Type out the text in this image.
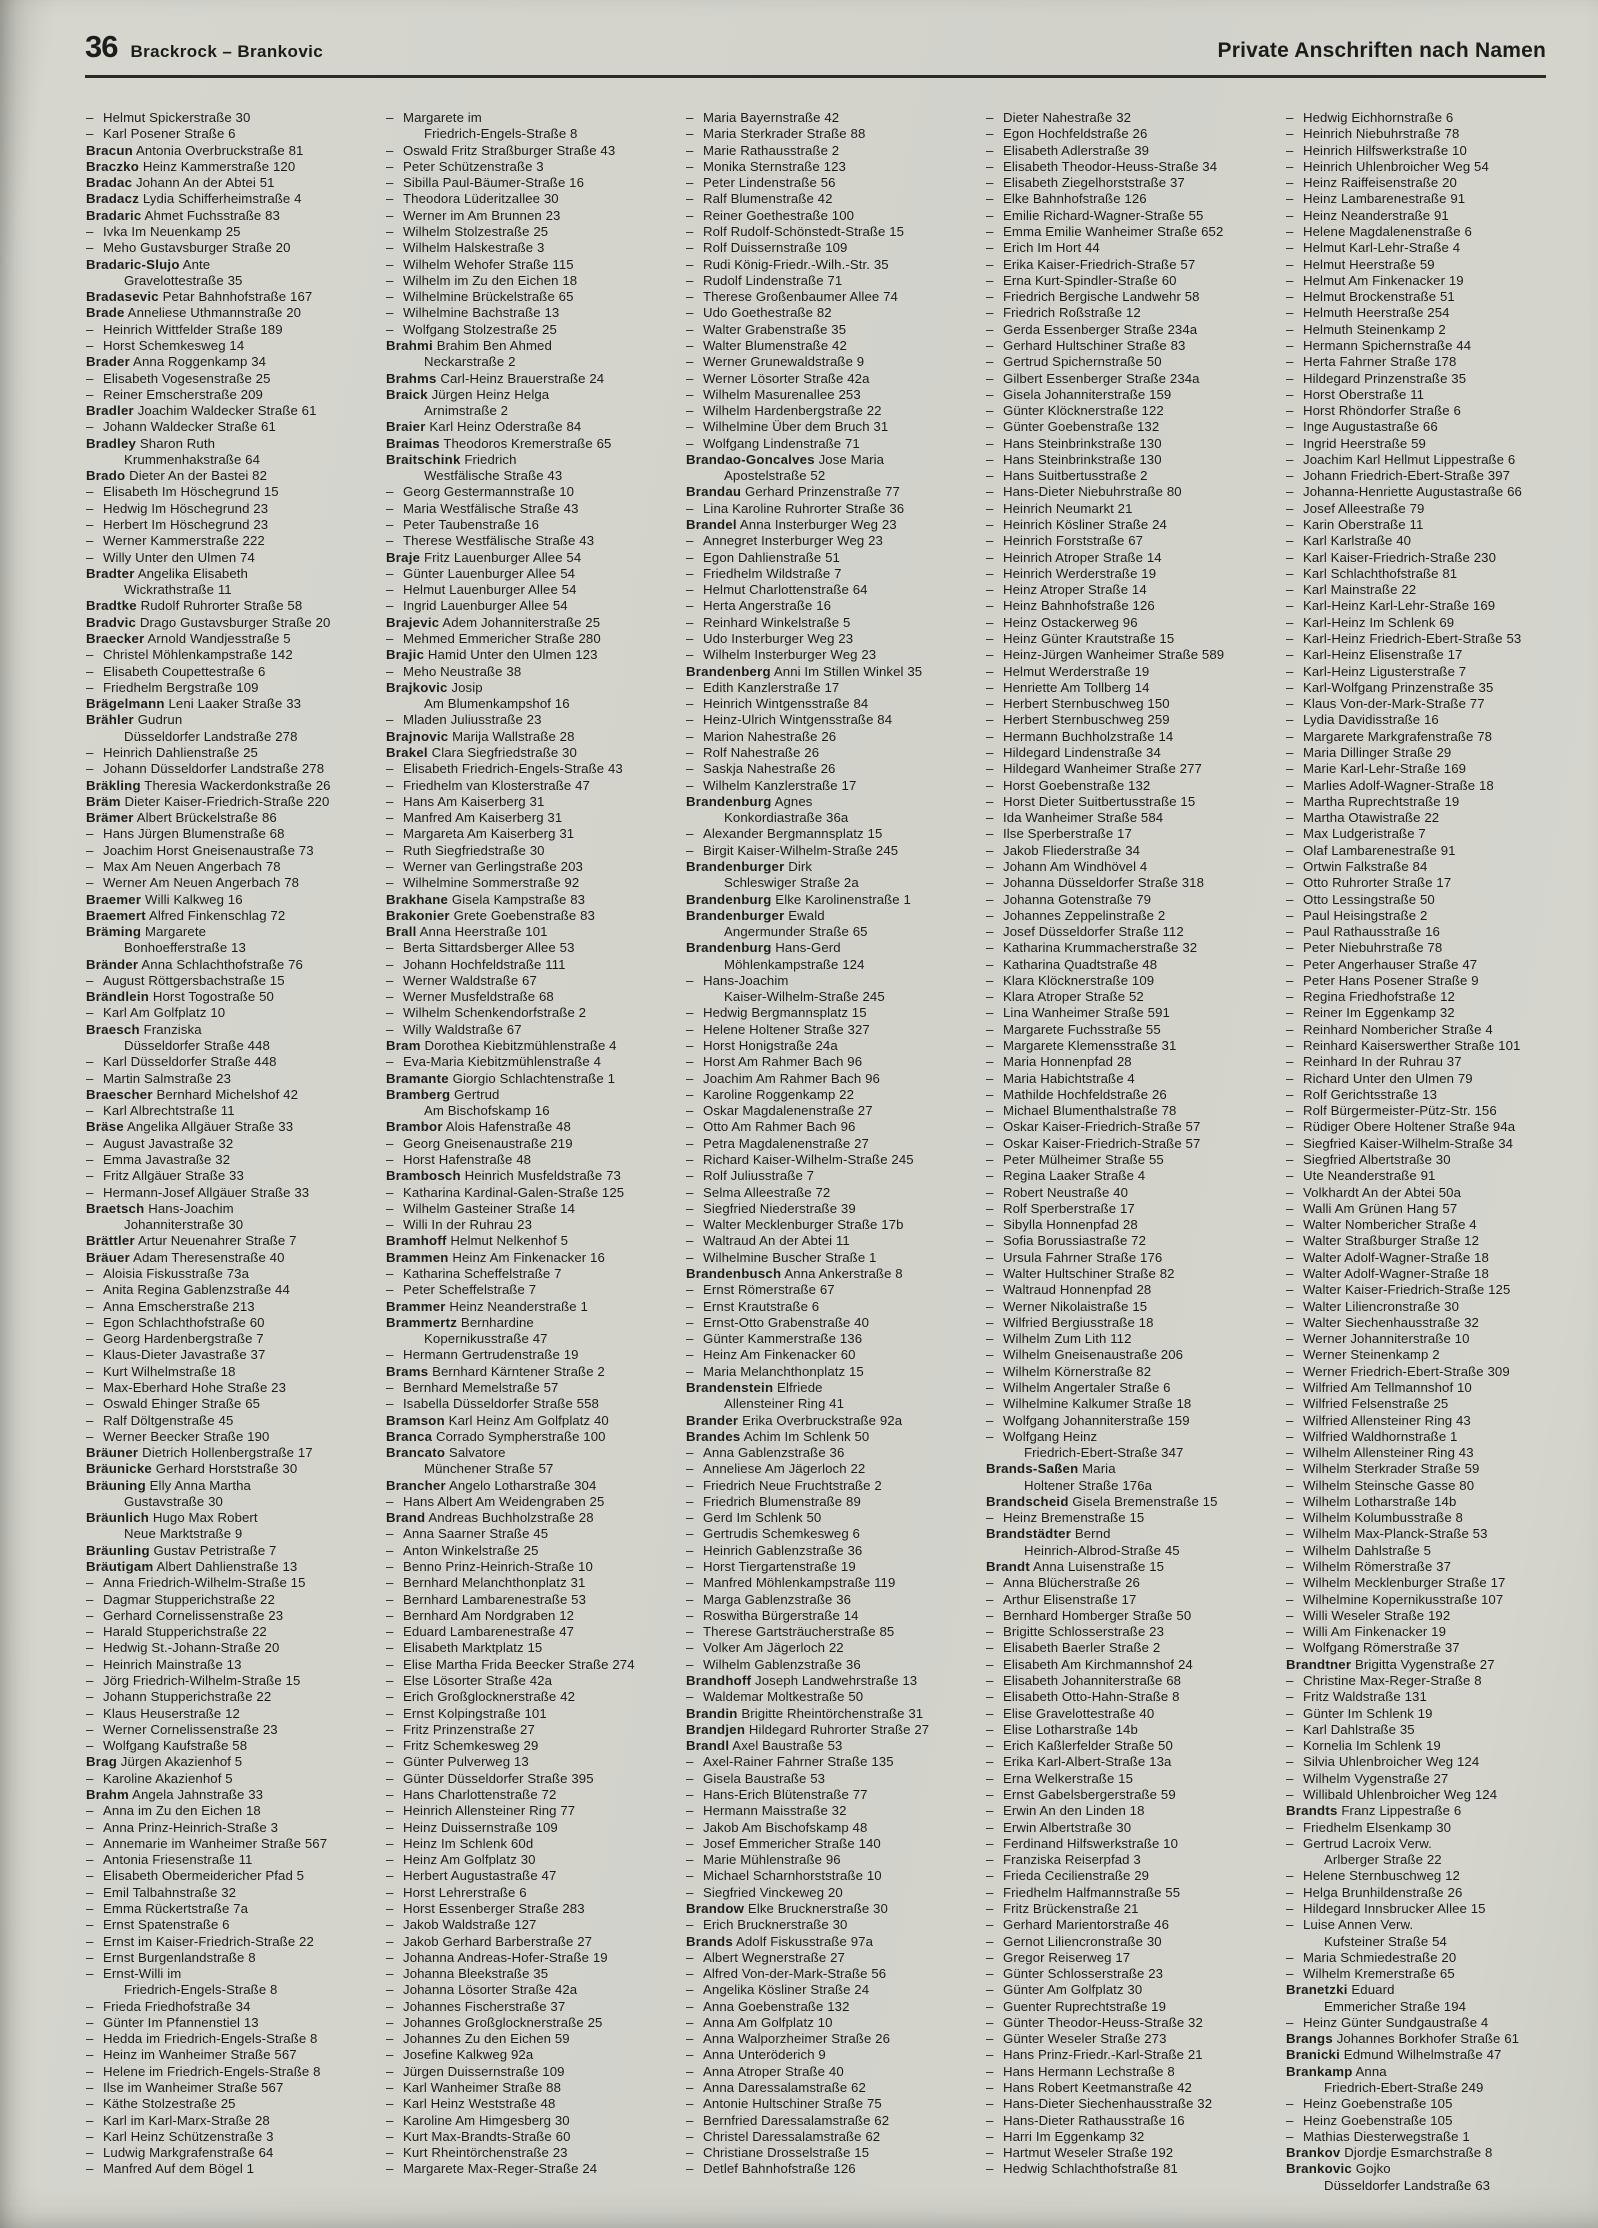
36 Brackrock – Brankovic	Private Anschriften nach Namen
– Helmut Spickerstraße 30
– Karl Posener Straße 6
Bracun Antonia Overbruckstraße 81
Braczko Heinz Kammerstraße 120
Bradac Johann An der Abtei 51
Bradacz Lydia Schifferheimstraße 4
Bradaric Ahmet Fuchsstraße 83
– Ivka Im Neuenkamp 25
– Meho Gustavsburger Straße 20
Bradaric-Slujo Ante
Gravelottestraße 35
Bradasevic Petar Bahnhofstraße 167
Brade Anneliese Uthmannstraße 20
– Heinrich Wittfelder Straße 189
– Horst Schemkesweg 14
Brader Anna Roggenkamp 34
– Elisabeth Vogesenstraße 25
– Reiner Emscherstraße 209
Bradler Joachim Waldecker Straße 61
– Johann Waldecker Straße 61
Bradley Sharon Ruth
Krummenhakstraße 64
Brado Dieter An der Bastei 82
– Elisabeth Im Höschegrund 15
– Hedwig Im Höschegrund 23
– Herbert Im Höschegrund 23
– Werner Kammerstraße 222
– Willy Unter den Ulmen 74
Bradter Angelika Elisabeth
Wickrathstraße 11
Bradtke Rudolf Ruhrorter Straße 58
Bradvic Drago Gustavsburger Straße 20
Braecker Arnold Wandjesstraße 5
– Christel Möhlenkampstraße 142
– Elisabeth Coupettestraße 6
– Friedhelm Bergstraße 109
Brägelmann Leni Laaker Straße 33
Brähler Gudrun
Düsseldorfer Landstraße 278
– Heinrich Dahlienstraße 25
– Johann Düsseldorfer Landstraße 278
Bräkling Theresia Wackerdonkstraße 26
Bräm Dieter Kaiser-Friedrich-Straße 220
Brämer Albert Brückelstraße 86
– Hans Jürgen Blumenstraße 68
– Joachim Horst Gneisenaustraße 73
– Max Am Neuen Angerbach 78
– Werner Am Neuen Angerbach 78
Braemer Willi Kalkweg 16
Braemert Alfred Finkenschlag 72
Bräming Margarete
Bonhoefferstraße 13
Bränder Anna Schlachthofstraße 76
– August Röttgersbachstraße 15
Brändlein Horst Togostraße 50
– Karl Am Golfplatz 10
Braesch Franziska
Düsseldorfer Straße 448
– Karl Düsseldorfer Straße 448
– Martin Salmstraße 23
Braescher Bernhard Michelshof 42
– Karl Albrechtstraße 11
Bräse Angelika Allgäuer Straße 33
– August Javastraße 32
– Emma Javastraße 32
– Fritz Allgäuer Straße 33
– Hermann-Josef Allgäuer Straße 33
Braetsch Hans-Joachim
Johanniterstraße 30
Brättler Artur Neuenahrer Straße 7
Bräuer Adam Theresenstraße 40
– Aloisia Fiskusstraße 73a
– Anita Regina Gablenzstraße 44
– Anna Emscherstraße 213
– Egon Schlachthofstraße 60
– Georg Hardenbergstraße 7
– Klaus-Dieter Javastraße 37
– Kurt Wilhelmstraße 18
– Max-Eberhard Hohe Straße 23
– Oswald Ehinger Straße 65
– Ralf Döltgenstraße 45
– Werner Beecker Straße 190
Bräuner Dietrich Hollenbergstraße 17
Bräunicke Gerhard Horststraße 30
Bräuning Elly Anna Martha
Gustavstraße 30
Bräunlich Hugo Max Robert
Neue Marktstraße 9
Bräunling Gustav Petristraße 7
Bräutigam Albert Dahlienstraße 13
– Anna Friedrich-Wilhelm-Straße 15
– Dagmar Stupperichstraße 22
– Gerhard Cornelissenstraße 23
– Harald Stupperichstraße 22
– Hedwig St.-Johann-Straße 20
– Heinrich Mainstraße 13
– Jörg Friedrich-Wilhelm-Straße 15
– Johann Stupperichstraße 22
– Klaus Heuserstraße 12
– Werner Cornelissenstraße 23
– Wolfgang Kaufstraße 58
Brag Jürgen Akazienhof 5
– Karoline Akazienhof 5
Brahm Angela Jahnstraße 33
– Anna im Zu den Eichen 18
– Anna Prinz-Heinrich-Straße 3
– Annemarie im Wanheimer Straße 567
– Antonia Friesenstraße 11
– Elisabeth Obermeidericher Pfad 5
– Emil Talbahnstraße 32
– Emma Rückertstraße 7a
– Ernst Spatenstraße 6
– Ernst im Kaiser-Friedrich-Straße 22
– Ernst Burgenlandstraße 8
– Ernst-Willi im
Friedrich-Engels-Straße 8
– Frieda Friedhofstraße 34
– Günter Im Pfannenstiel 13
– Hedda im Friedrich-Engels-Straße 8
– Heinz im Wanheimer Straße 567
– Helene im Friedrich-Engels-Straße 8
– Ilse im Wanheimer Straße 567
– Käthe Stolzestraße 25
– Karl im Karl-Marx-Straße 28
– Karl Heinz Schützenstraße 3
– Ludwig Markgrafenstraße 64
– Manfred Auf dem Bögel 1
– Margarete im
Friedrich-Engels-Straße 8
– Oswald Fritz Straßburger Straße 43
– Peter Schützenstraße 3
– Sibilla Paul-Bäumer-Straße 16
– Theodora Lüderitzallee 30
– Werner im Am Brunnen 23
– Wilhelm Stolzestraße 25
– Wilhelm Halskestraße 3
– Wilhelm Wehofer Straße 115
– Wilhelm im Zu den Eichen 18
– Wilhelmine Brückelstraße 65
– Wilhelmine Bachstraße 13
– Wolfgang Stolzestraße 25
Brahmi Brahim Ben Ahmed
Neckarstraße 2
Brahms Carl-Heinz Brauerstraße 24
Braick Jürgen Heinz Helga
Arnimstraße 2
Braier Karl Heinz Oderstraße 84
Braimas Theodoros Kremerstraße 65
Braitschink Friedrich
Westfälische Straße 43
– Georg Gestermannstraße 10
– Maria Westfälische Straße 43
– Peter Taubenstraße 16
– Therese Westfälische Straße 43
Braje Fritz Lauenburger Allee 54
– Günter Lauenburger Allee 54
– Helmut Lauenburger Allee 54
– Ingrid Lauenburger Allee 54
Brajevic Adem Johanniterstraße 25
– Mehmed Emmericher Straße 280
Brajic Hamid Unter den Ulmen 123
– Meho Neustraße 38
Brajkovic Josip
Am Blumenkampshof 16
– Mladen Juliusstraße 23
Brajnovic Marija Wallstraße 28
Brakel Clara Siegfriedstraße 30
– Elisabeth Friedrich-Engels-Straße 43
– Friedhelm van Klosterstraße 47
– Hans Am Kaiserberg 31
– Manfred Am Kaiserberg 31
– Margareta Am Kaiserberg 31
– Ruth Siegfriedstraße 30
– Werner van Gerlingstraße 203
– Wilhelmine Sommerstraße 92
Brakhane Gisela Kampstraße 83
Brakonier Grete Goebenstraße 83
Brall Anna Heerstraße 101
– Berta Sittardsberger Allee 53
– Johann Hochfeldstraße 111
– Werner Waldstraße 67
– Werner Musfeldstraße 68
– Wilhelm Schenkendorfstraße 2
– Willy Waldstraße 67
Bram Dorothea Kiebitzmühlenstraße 4
– Eva-Maria Kiebitzmühlenstraße 4
Bramante Giorgio Schlachtenstraße 1
Bramberg Gertrud
Am Bischofskamp 16
Brambor Alois Hafenstraße 48
– Georg Gneisenaustraße 219
– Horst Hafenstraße 48
Brambosch Heinrich Musfeldstraße 73
– Katharina Kardinal-Galen-Straße 125
– Wilhelm Gasteiner Straße 14
– Willi In der Ruhrau 23
Bramhoff Helmut Nelkenhof 5
Brammen Heinz Am Finkenacker 16
– Katharina Scheffelstraße 7
– Peter Scheffelstraße 7
Brammer Heinz Neanderstraße 1
Brammertz Bernhardine
Kopernikusstraße 47
– Hermann Gertrudenstraße 19
Brams Bernhard Kärntener Straße 2
– Bernhard Memelstraße 57
– Isabella Düsseldorfer Straße 558
Bramson Karl Heinz Am Golfplatz 40
Branca Corrado Sympherstraße 100
Brancato Salvatore
Münchener Straße 57
Brancher Angelo Lotharstraße 304
– Hans Albert Am Weidengraben 25
Brand Andreas Buchholzstraße 28
– Anna Saarner Straße 45
– Anton Winkelstraße 25
– Benno Prinz-Heinrich-Straße 10
– Bernhard Melanchthonplatz 31
– Bernhard Lambarenestraße 53
– Bernhard Am Nordgraben 12
– Eduard Lambarenestraße 47
– Elisabeth Marktplatz 15
– Elise Martha Frida Beecker Straße 274
– Else Lösorter Straße 42a
– Erich Großglocknerstraße 42
– Ernst Kolpingstraße 101
– Fritz Prinzenstraße 27
– Fritz Schemkesweg 29
– Günter Pulverweg 13
– Günter Düsseldorfer Straße 395
– Hans Charlottenstraße 72
– Heinrich Allensteiner Ring 77
– Heinz Duissernstraße 109
– Heinz Im Schlenk 60d
– Heinz Am Golfplatz 30
– Herbert Augustastraße 47
– Horst Lehrerstraße 6
– Horst Essenberger Straße 283
– Jakob Waldstraße 127
– Jakob Gerhard Barberstraße 27
– Johanna Andreas-Hofer-Straße 19
– Johanna Bleekstraße 35
– Johanna Lösorter Straße 42a
– Johannes Fischerstraße 37
– Johannes Großglocknerstraße 25
– Johannes Zu den Eichen 59
– Josefine Kalkweg 92a
– Jürgen Duissernstraße 109
– Karl Wanheimer Straße 88
– Karl Heinz Weststraße 48
– Karoline Am Himgesberg 30
– Kurt Max-Brandts-Straße 60
– Kurt Rheintörchenstraße 23
– Margarete Max-Reger-Straße 24
– Maria Bayernstraße 42
– Maria Sterkrader Straße 88
– Marie Rathausstraße 2
– Monika Sternstraße 123
– Peter Lindenstraße 56
– Ralf Blumenstraße 42
– Reiner Goethestraße 100
– Rolf Rudolf-Schönstedt-Straße 15
– Rolf Duissernstraße 109
– Rudi König-Friedr.-Wilh.-Str. 35
– Rudolf Lindenstraße 71
– Therese Großenbaumer Allee 74
– Udo Goethestraße 82
– Walter Grabenstraße 35
– Walter Blumenstraße 42
– Werner Grunewaldstraße 9
– Werner Lösorter Straße 42a
– Wilhelm Masurenallee 253
– Wilhelm Hardenbergstraße 22
– Wilhelmine Über dem Bruch 31
– Wolfgang Lindenstraße 71
Brandao-Goncalves Jose Maria
Apostelstraße 52
Brandau Gerhard Prinzenstraße 77
– Lina Karoline Ruhrorter Straße 36
Brandel Anna Insterburger Weg 23
– Annegret Insterburger Weg 23
– Egon Dahlienstraße 51
– Friedhelm Wildstraße 7
– Helmut Charlottenstraße 64
– Herta Angerstraße 16
– Reinhard Winkelstraße 5
– Udo Insterburger Weg 23
– Wilhelm Insterburger Weg 23
Brandenberg Anni Im Stillen Winkel 35
– Edith Kanzlerstraße 17
– Heinrich Wintgensstraße 84
– Heinz-Ulrich Wintgensstraße 84
– Marion Nahestraße 26
– Rolf Nahestraße 26
– Saskja Nahestraße 26
– Wilhelm Kanzlerstraße 17
Brandenburg Agnes
Konkordiastraße 36a
– Alexander Bergmannsplatz 15
– Birgit Kaiser-Wilhelm-Straße 245
Brandenburger Dirk
Schleswiger Straße 2a
Brandenburg Elke Karolinenstraße 1
Brandenburger Ewald
Angermunder Straße 65
Brandenburg Hans-Gerd
Möhlenkampstraße 124
– Hans-Joachim
Kaiser-Wilhelm-Straße 245
– Hedwig Bergmannsplatz 15
– Helene Holtener Straße 327
– Horst Honigstraße 24a
– Horst Am Rahmer Bach 96
– Joachim Am Rahmer Bach 96
– Karoline Roggenkamp 22
– Oskar Magdalenenstraße 27
– Otto Am Rahmer Bach 96
– Petra Magdalenenstraße 27
– Richard Kaiser-Wilhelm-Straße 245
– Rolf Juliusstraße 7
– Selma Alleestraße 72
– Siegfried Niederstraße 39
– Walter Mecklenburger Straße 17b
– Waltraud An der Abtei 11
– Wilhelmine Buscher Straße 1
Brandenbusch Anna Ankerstraße 8
– Ernst Römerstraße 67
– Ernst Krautstraße 6
– Ernst-Otto Grabenstraße 40
– Günter Kammerstraße 136
– Heinz Am Finkenacker 60
– Maria Melanchthonplatz 15
Brandenstein Elfriede
Allensteiner Ring 41
Brander Erika Overbruckstraße 92a
Brandes Achim Im Schlenk 50
– Anna Gablenzstraße 36
– Anneliese Am Jägerloch 22
– Friedrich Neue Fruchtstraße 2
– Friedrich Blumenstraße 89
– Gerd Im Schlenk 50
– Gertrudis Schemkesweg 6
– Heinrich Gablenzstraße 36
– Horst Tiergartenstraße 19
– Manfred Möhlenkampstraße 119
– Marga Gablenzstraße 36
– Roswitha Bürgerstraße 14
– Therese Gartsträucherstraße 85
– Volker Am Jägerloch 22
– Wilhelm Gablenzstraße 36
Brandhoff Joseph Landwehrstraße 13
– Waldemar Moltkestraße 50
Brandin Brigitte Rheintörchenstraße 31
Brandjen Hildegard Ruhrorter Straße 27
Brandl Axel Baustraße 53
– Axel-Rainer Fahrner Straße 135
– Gisela Baustraße 53
– Hans-Erich Blütenstraße 77
– Hermann Maisstraße 32
– Jakob Am Bischofskamp 48
– Josef Emmericher Straße 140
– Marie Mühlenstraße 96
– Michael Scharnhorststraße 10
– Siegfried Vinckeweg 20
Brandow Elke Brucknerstraße 30
– Erich Brucknerstraße 30
Brands Adolf Fiskusstraße 97a
– Albert Wegnerstraße 27
– Alfred Von-der-Mark-Straße 56
– Angelika Kösliner Straße 24
– Anna Goebenstraße 132
– Anna Am Golfplatz 10
– Anna Walporzheimer Straße 26
– Anna Unteröderich 9
– Anna Atroper Straße 40
– Anna Daressalamstraße 62
– Antonie Hultschiner Straße 75
– Bernfried Daressalamstraße 62
– Christel Daressalamstraße 62
– Christiane Drosselstraße 15
– Detlef Bahnhofstraße 126
– Dieter Nahestraße 32
– Egon Hochfeldstraße 26
– Elisabeth Adlerstraße 39
– Elisabeth Theodor-Heuss-Straße 34
– Elisabeth Ziegelhorststraße 37
– Elke Bahnhofstraße 126
– Emilie Richard-Wagner-Straße 55
– Emma Emilie Wanheimer Straße 652
– Erich Im Hort 44
– Erika Kaiser-Friedrich-Straße 57
– Erna Kurt-Spindler-Straße 60
– Friedrich Bergische Landwehr 58
– Friedrich Roßstraße 12
– Gerda Essenberger Straße 234a
– Gerhard Hultschiner Straße 83
– Gertrud Spichernstraße 50
– Gilbert Essenberger Straße 234a
– Gisela Johanniterstraße 159
– Günter Klöcknerstraße 122
– Günter Goebenstraße 132
– Hans Steinbrinkstraße 130
– Hans Steinbrinkstraße 130
– Hans Suitbertusstraße 2
– Hans-Dieter Niebuhrstraße 80
– Heinrich Neumarkt 21
– Heinrich Kösliner Straße 24
– Heinrich Forststraße 67
– Heinrich Atroper Straße 14
– Heinrich Werderstraße 19
– Heinz Atroper Straße 14
– Heinz Bahnhofstraße 126
– Heinz Ostackerweg 96
– Heinz Günter Krautstraße 15
– Heinz-Jürgen Wanheimer Straße 589
– Helmut Werderstraße 19
– Henriette Am Tollberg 14
– Herbert Sternbuschweg 150
– Herbert Sternbuschweg 259
– Hermann Buchholzstraße 14
– Hildegard Lindenstraße 34
– Hildegard Wanheimer Straße 277
– Horst Goebenstraße 132
– Horst Dieter Suitbertusstraße 15
– Ida Wanheimer Straße 584
– Ilse Sperberstraße 17
– Jakob Fliederstraße 34
– Johann Am Windhövel 4
– Johanna Düsseldorfer Straße 318
– Johanna Gotenstraße 79
– Johannes Zeppelinstraße 2
– Josef Düsseldorfer Straße 112
– Katharina Krummacherstraße 32
– Katharina Quadtstraße 48
– Klara Klöcknerstraße 109
– Klara Atroper Straße 52
– Lina Wanheimer Straße 591
– Margarete Fuchsstraße 55
– Margarete Klemensstraße 31
– Maria Honnenpfad 28
– Maria Habichtstraße 4
– Mathilde Hochfeldstraße 26
– Michael Blumenthalstraße 78
– Oskar Kaiser-Friedrich-Straße 57
– Oskar Kaiser-Friedrich-Straße 57
– Peter Mülheimer Straße 55
– Regina Laaker Straße 4
– Robert Neustraße 40
– Rolf Sperberstraße 17
– Sibylla Honnenpfad 28
– Sofia Borussiastraße 72
– Ursula Fahrner Straße 176
– Walter Hultschiner Straße 82
– Waltraud Honnenpfad 28
– Werner Nikolaistraße 15
– Wilfried Bergiusstraße 18
– Wilhelm Zum Lith 112
– Wilhelm Gneisenaustraße 206
– Wilhelm Körnerstraße 82
– Wilhelm Angertaler Straße 6
– Wilhelmine Kalkumer Straße 18
– Wolfgang Johanniterstraße 159
– Wolfgang Heinz
Friedrich-Ebert-Straße 347
Brands-Saßen Maria
Holtener Straße 176a
Brandscheid Gisela Bremenstraße 15
– Heinz Bremenstraße 15
Brandstädter Bernd
Heinrich-Albrod-Straße 45
Brandt Anna Luisenstraße 15
– Anna Blücherstraße 26
– Arthur Elisenstraße 17
– Bernhard Homberger Straße 50
– Brigitte Schlosserstraße 23
– Elisabeth Baerler Straße 2
– Elisabeth Am Kirchmannshof 24
– Elisabeth Johanniterstraße 68
– Elisabeth Otto-Hahn-Straße 8
– Elise Gravelottestraße 40
– Elise Lotharstraße 14b
– Erich Kaßlerfelder Straße 50
– Erika Karl-Albert-Straße 13a
– Erna Welkerstraße 15
– Ernst Gabelsbergerstraße 59
– Erwin An den Linden 18
– Erwin Albertstraße 30
– Ferdinand Hilfswerkstraße 10
– Franziska Reiserpfad 3
– Frieda Cecilienstraße 29
– Friedhelm Halfmannstraße 55
– Fritz Brückenstraße 21
– Gerhard Marientorstraße 46
– Gernot Liliencronstraße 30
– Gregor Reiserweg 17
– Günter Schlosserstraße 23
– Günter Am Golfplatz 30
– Guenter Ruprechtstraße 19
– Günter Theodor-Heuss-Straße 32
– Günter Weseler Straße 273
– Hans Prinz-Friedr.-Karl-Straße 21
– Hans Hermann Lechstraße 8
– Hans Robert Keetmanstraße 42
– Hans-Dieter Siechenhausstraße 32
– Hans-Dieter Rathausstraße 16
– Harri Im Eggenkamp 32
– Hartmut Weseler Straße 192
– Hedwig Schlachthofstraße 81
– Hedwig Eichhornstraße 6
– Heinrich Niebuhrstraße 78
– Heinrich Hilfswerkstraße 10
– Heinrich Uhlenbroicher Weg 54
– Heinz Raiffeisenstraße 20
– Heinz Lambarenestraße 91
– Heinz Neanderstraße 91
– Helene Magdalenenstraße 6
– Helmut Karl-Lehr-Straße 4
– Helmut Heerstraße 59
– Helmut Am Finkenacker 19
– Helmut Brockenstraße 51
– Helmuth Heerstraße 254
– Helmuth Steinenkamp 2
– Hermann Spichernstraße 44
– Herta Fahrner Straße 178
– Hildegard Prinzenstraße 35
– Horst Oberstraße 11
– Horst Rhöndorfer Straße 6
– Inge Augustastraße 66
– Ingrid Heerstraße 59
– Joachim Karl Hellmut Lippestraße 6
– Johann Friedrich-Ebert-Straße 397
– Johanna-Henriette Augustastraße 66
– Josef Alleestraße 79
– Karin Oberstraße 11
– Karl Karlstraße 40
– Karl Kaiser-Friedrich-Straße 230
– Karl Schlachthofstraße 81
– Karl Mainstraße 22
– Karl-Heinz Karl-Lehr-Straße 169
– Karl-Heinz Im Schlenk 69
– Karl-Heinz Friedrich-Ebert-Straße 53
– Karl-Heinz Elisenstraße 17
– Karl-Heinz Ligusterstraße 7
– Karl-Wolfgang Prinzenstraße 35
– Klaus Von-der-Mark-Straße 77
– Lydia Davidisstraße 16
– Margarete Markgrafenstraße 78
– Maria Dillinger Straße 29
– Marie Karl-Lehr-Straße 169
– Marlies Adolf-Wagner-Straße 18
– Martha Ruprechtstraße 19
– Martha Otawistraße 22
– Max Ludgeristraße 7
– Olaf Lambarenestraße 91
– Ortwin Falkstraße 84
– Otto Ruhrorter Straße 17
– Otto Lessingstraße 50
– Paul Heisingstraße 2
– Paul Rathausstraße 16
– Peter Niebuhrstraße 78
– Peter Angerhauser Straße 47
– Peter Hans Posener Straße 9
– Regina Friedhofstraße 12
– Reiner Im Eggenkamp 32
– Reinhard Nombericher Straße 4
– Reinhard Kaiserswerther Straße 101
– Reinhard In der Ruhrau 37
– Richard Unter den Ulmen 79
– Rolf Gerichtsstraße 13
– Rolf Bürgermeister-Pütz-Str. 156
– Rüdiger Obere Holtener Straße 94a
– Siegfried Kaiser-Wilhelm-Straße 34
– Siegfried Albertstraße 30
– Ute Neanderstraße 91
– Volkhardt An der Abtei 50a
– Walli Am Grünen Hang 57
– Walter Nombericher Straße 4
– Walter Straßburger Straße 12
– Walter Adolf-Wagner-Straße 18
– Walter Adolf-Wagner-Straße 18
– Walter Kaiser-Friedrich-Straße 125
– Walter Liliencronstraße 30
– Walter Siechenhausstraße 32
– Werner Johanniterstraße 10
– Werner Steinenkamp 2
– Werner Friedrich-Ebert-Straße 309
– Wilfried Am Tellmannshof 10
– Wilfried Felsenstraße 25
– Wilfried Allensteiner Ring 43
– Wilfried Waldhornstraße 1
– Wilhelm Allensteiner Ring 43
– Wilhelm Sterkrader Straße 59
– Wilhelm Steinsche Gasse 80
– Wilhelm Lotharstraße 14b
– Wilhelm Kolumbusstraße 8
– Wilhelm Max-Planck-Straße 53
– Wilhelm Dahlstraße 5
– Wilhelm Römerstraße 37
– Wilhelm Mecklenburger Straße 17
– Wilhelmine Kopernikusstraße 107
– Willi Weseler Straße 192
– Willi Am Finkenacker 19
– Wolfgang Römerstraße 37
Brandtner Brigitta Vygenstraße 27
– Christine Max-Reger-Straße 8
– Fritz Waldstraße 131
– Günter Im Schlenk 19
– Karl Dahlstraße 35
– Kornelia Im Schlenk 19
– Silvia Uhlenbroicher Weg 124
– Wilhelm Vygenstraße 27
– Willibald Uhlenbroicher Weg 124
Brandts Franz Lippestraße 6
– Friedhelm Elsenkamp 30
– Gertrud Lacroix Verw.
Arlberger Straße 22
– Helene Sternbuschweg 12
– Helga Brunhildenstraße 26
– Hildegard Innsbrucker Allee 15
– Luise Annen Verw.
Kufsteiner Straße 54
– Maria Schmiedestraße 20
– Wilhelm Kremerstraße 65
Branetzki Eduard
Emmericher Straße 194
– Heinz Günter Sundgaustraße 4
Brangs Johannes Borkhofer Straße 61
Branicki Edmund Wilhelmstraße 47
Brankamp Anna
Friedrich-Ebert-Straße 249
– Heinz Goebenstraße 105
– Heinz Goebenstraße 105
– Mathias Diesterwegstraße 1
Brankov Djordje Esmarchstraße 8
Brankovic Gojko
Düsseldorfer Landstraße 63
